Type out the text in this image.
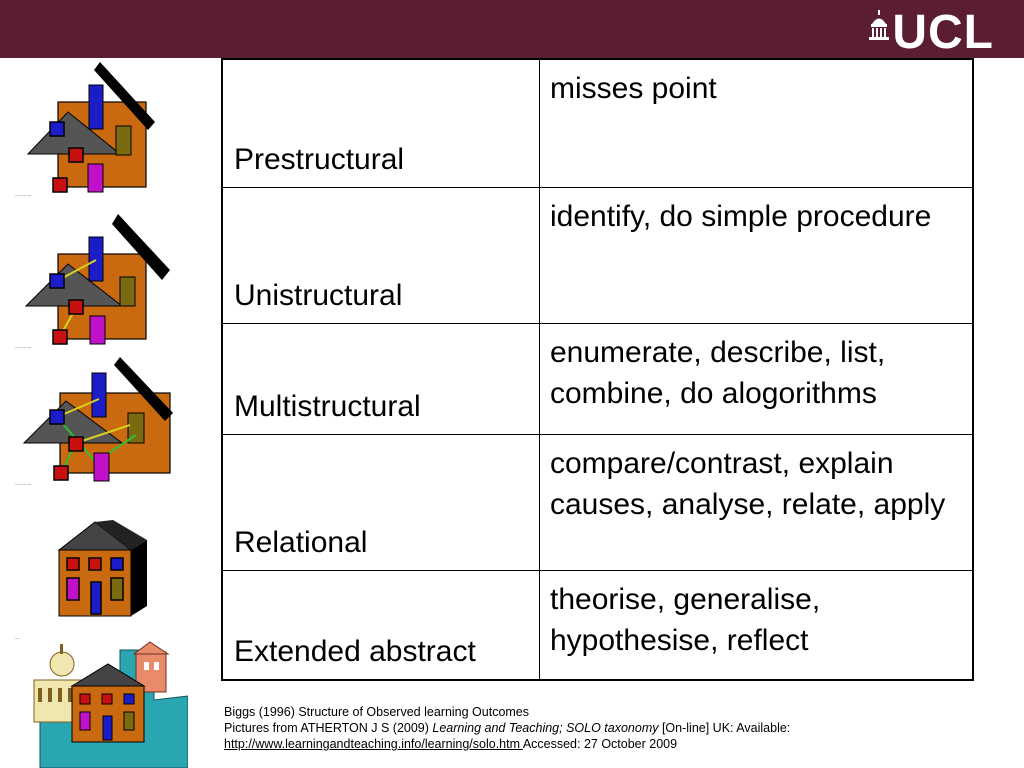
UCL
·············
·············
·············
····
Prestructural	misses point

Unistructural	identify, do simple procedure

Multistructural	enumerate, describe, list, combine, do alogorithms

Relational	compare/contrast, explain causes, analyse, relate, apply

Extended abstract	theorise, generalise, hypothesise, reflect
Biggs (1996) Structure of Observed learning Outcomes
Pictures from ATHERTON J S (2009) Learning and Teaching; SOLO taxonomy [On-line] UK: Available:
http://www.learningandteaching.info/learning/solo.htm Accessed: 27 October 2009
